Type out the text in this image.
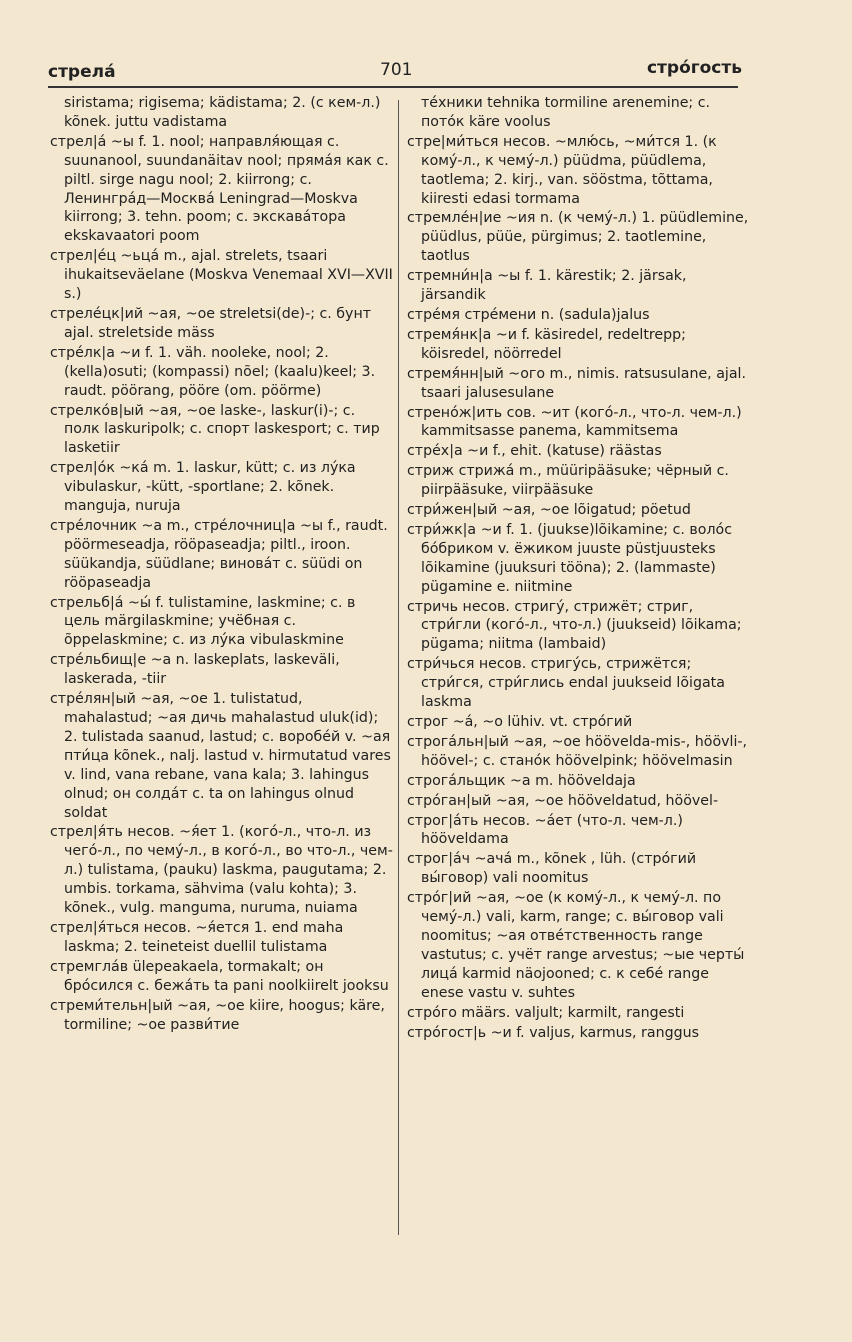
стрела́	701	стро́гость
siristama; rigisema; kädistama; 2. (с кем-л.) kõnek. juttu vadistama
стрел|а́ ~ы f. 1. nool; направля́ющая с. suunanool, suundanäitav nool; пряма́я как с. piltl. sirge nagu nool; 2. kiirrong; с. Ленингра́д—Москва́ Leningrad—Moskva kiirrong; 3. tehn. poom; с. экскава́тора ekskavaatori poom
стрел|е́ц ~ьца́ m., ajal. strelets, tsaari ihukaitseväelane (Moskva Venemaal XVI—XVII s.)
стреле́цк|ий ~ая, ~ое streletsi(de)-; с. бунт ajal. streletside mäss
стре́лк|а ~и f. 1. väh. nooleke, nool; 2. (kella)osuti; (kompassi) nõel; (kaalu)keel; 3. raudt. pöörang, pööre (om. pöörme)
стрелко́в|ый ~ая, ~ое laske-, laskur(i)-; с. полк laskuripolk; с. спорт laskesport; с. тир lasketiir
стрел|о́к ~ка́ m. 1. laskur, kütt; с. из лу́ка vibulaskur, -kütt, -sportlane; 2. kõnek. manguja, nuruja
стре́лочник ~а m., стре́лочниц|а ~ы f., raudt. pöörmeseadja, rööpaseadja; piltl., iroon. süükandja, süüdlane; винова́т с. süüdi on rööpaseadja
стрельб|а́ ~ы́ f. tulistamine, laskmine; с. в цель märgilaskmine; учёбная с. õppelaskmine; с. из лу́ка vibulaskmine
стре́льбищ|е ~а n. laskeplats, laskeväli, laskerada, -tiir
стре́лян|ый ~ая, ~ое 1. tulistatud, mahalastud; ~ая дичь mahalastud uluk(id); 2. tulistada saanud, lastud; с. воробе́й v. ~ая пти́ца kõnek., nalj. lastud v. hirmutatud vares v. lind, vana rebane, vana kala; 3. lahingus olnud; он солда́т с. ta on lahingus olnud soldat
стрел|я́ть несов. ~я́ет 1. (кого́-л., что-л. из чего́-л., по чему́-л., в кого́-л., во что-л., чем-л.) tulistama, (pauku) laskma, paugutama; 2. umbis. torkama, sähvima (valu kohta); 3. kõnek., vulg. manguma, nuruma, nuiama
стрел|я́ться несов. ~я́ется 1. end maha laskma; 2. teineteist duellil tulistama
стремгла́в ülepeakaela, tormakalt; он бро́сился с. бежа́ть ta pani noolkiirelt jooksu
стреми́тельн|ый ~ая, ~ое kiire, hoogus; käre, tormiline; ~ое разви́тие
те́хники tehnika tormiline arenemine; с. пото́к käre voolus
стре|ми́ться несов. ~млю́сь, ~ми́тся 1. (к кому́-л., к чему́-л.) püüdma, püüdlema, taotlema; 2. kirj., van. sööstma, tõttama, kiiresti edasi tormama
стремле́н|ие ~ия n. (к чему́-л.) 1. püüdlemine, püüdlus, püüe, pürgimus; 2. taotlemine, taotlus
стремни́н|а ~ы f. 1. kärestik; 2. järsak, järsandik
стре́мя стре́мени n. (sadula)jalus
стремя́нк|а ~и f. käsiredel, redeltrepp; köisredel, nöörredel
стремя́нн|ый ~ого m., nimis. ratsusulane, ajal. tsaari jalusesulane
стрено́ж|ить сов. ~ит (кого́-л., что-л. чем-л.) kammitsasse panema, kammitsema
стре́х|а ~и f., ehit. (katuse) räästas
стриж стрижа́ m., müüripääsuke; чёрный с. piirpääsuke, viirpääsuke
стри́жен|ый ~ая, ~ое lõigatud; pöetud
стри́жк|а ~и f. 1. (juukse)lõikamine; с. воло́с бо́бриком v. ёжиком juuste püstjuusteks lõikamine (juuksuri tööna); 2. (lammaste) pügamine e. niitmine
стричь несов. стригу́, стрижёт; стриг, стри́гли (кого́-л., что-л.) (juukseid) lõikama; pügama; niitma (lambaid)
стри́чься несов. стригу́сь, стрижётся; стри́гся, стри́глись endal juukseid lõigata laskma
строг ~а́, ~о lühiv. vt. стро́гий
строга́льн|ый ~ая, ~ое höövelda-mis-, höövli-, höövel-; с. стано́к höövelpink; höövelmasin
строга́льщик ~а m. hööveldaja
стро́ган|ый ~ая, ~ое hööveldatud, höövel-
строг|а́ть несов. ~а́ет (что-л. чем-л.) hööveldama
строг|а́ч ~ача́ m., kõnek , lüh. (стро́гий вы́говор) vali noomitus
стро́г|ий ~ая, ~ое (к кому́-л., к чему́-л. по чему́-л.) vali, karm, range; с. вы́говор vali noomitus; ~ая отве́тственность range vastutus; с. учёт range arvestus; ~ые черты́ лица́ karmid näojooned; с. к себе́ range enese vastu v. suhtes
стро́го määrs. valjult; karmilt, rangesti
стро́гост|ь ~и f. valjus, karmus, ranggus
